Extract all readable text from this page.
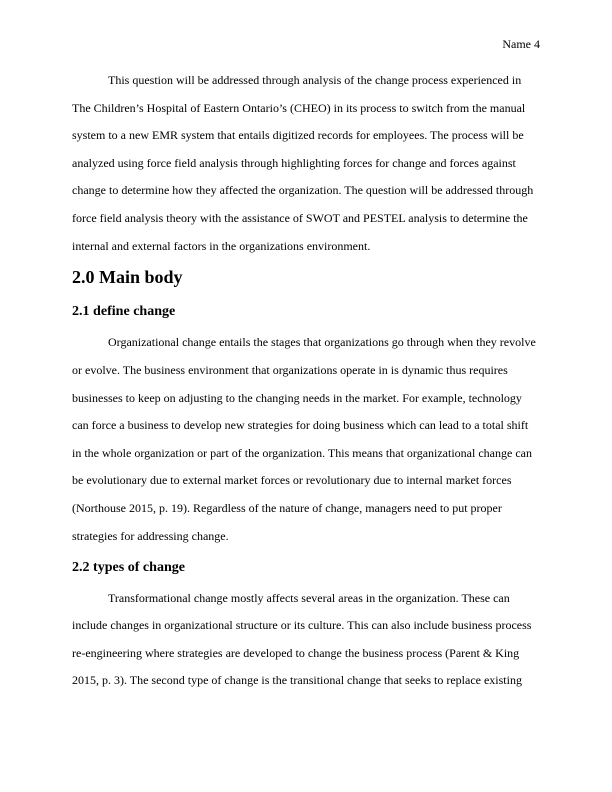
Name 4

This question will be addressed through analysis of the change process experienced in
The Children’s Hospital of Eastern Ontario’s (CHEO) in its process to switch from the manual
system to a new EMR system that entails digitized records for employees. The process will be
analyzed using force field analysis through highlighting forces for change and forces against
change to determine how they affected the organization. The question will be addressed through
force field analysis theory with the assistance of SWOT and PESTEL analysis to determine the
internal and external factors in the organizations environment.

2.0 Main body
2.1 define change

Organizational change entails the stages that organizations go through when they revolve
or evolve. The business environment that organizations operate in is dynamic thus requires
businesses to keep on adjusting to the changing needs in the market. For example, technology
can force a business to develop new strategies for doing business which can lead to a total shift
in the whole organization or part of the organization. This means that organizational change can
be evolutionary due to external market forces or revolutionary due to internal market forces
(Northouse 2015, p. 19). Regardless of the nature of change, managers need to put proper
strategies for addressing change.

2.2 types of change

Transformational change mostly affects several areas in the organization. These can
include changes in organizational structure or its culture. This can also include business process
re-engineering where strategies are developed to change the business process (Parent & King
2015, p. 3). The second type of change is the transitional change that seeks to replace existing
